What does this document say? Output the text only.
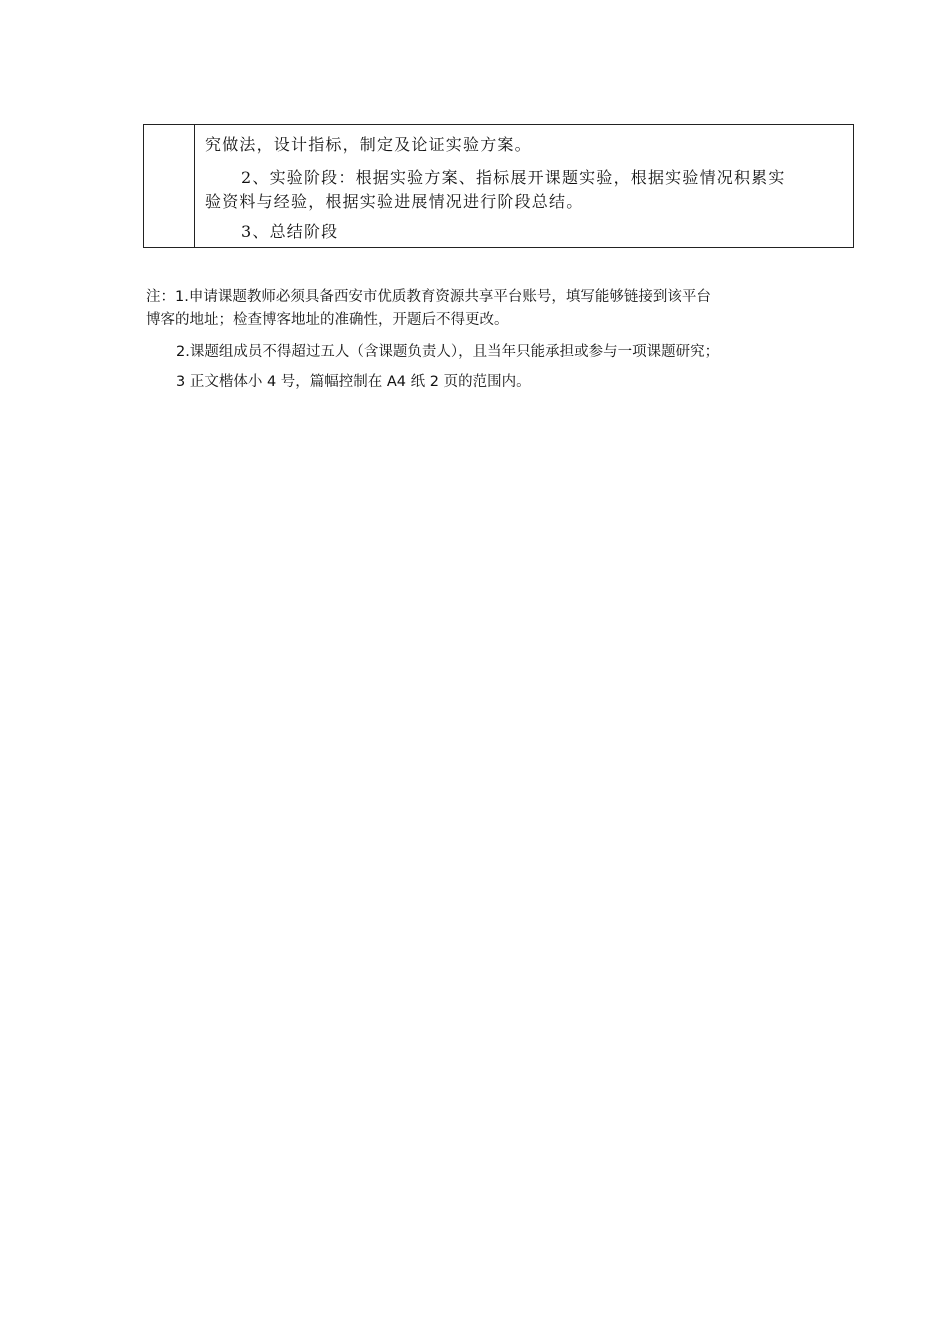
究做法，设计指标，制定及论证实验方案。
2、实验阶段：根据实验方案、指标展开课题实验，根据实验情况积累实
验资料与经验，根据实验进展情况进行阶段总结。
3、总结阶段
注：1.申请课题教师必须具备西安市优质教育资源共享平台账号，填写能够链接到该平台
博客的地址；检查博客地址的准确性，开题后不得更改。
2.课题组成员不得超过五人（含课题负责人），且当年只能承担或参与一项课题研究；
3 正文楷体小 4 号，篇幅控制在 A4 纸 2 页的范围内。
